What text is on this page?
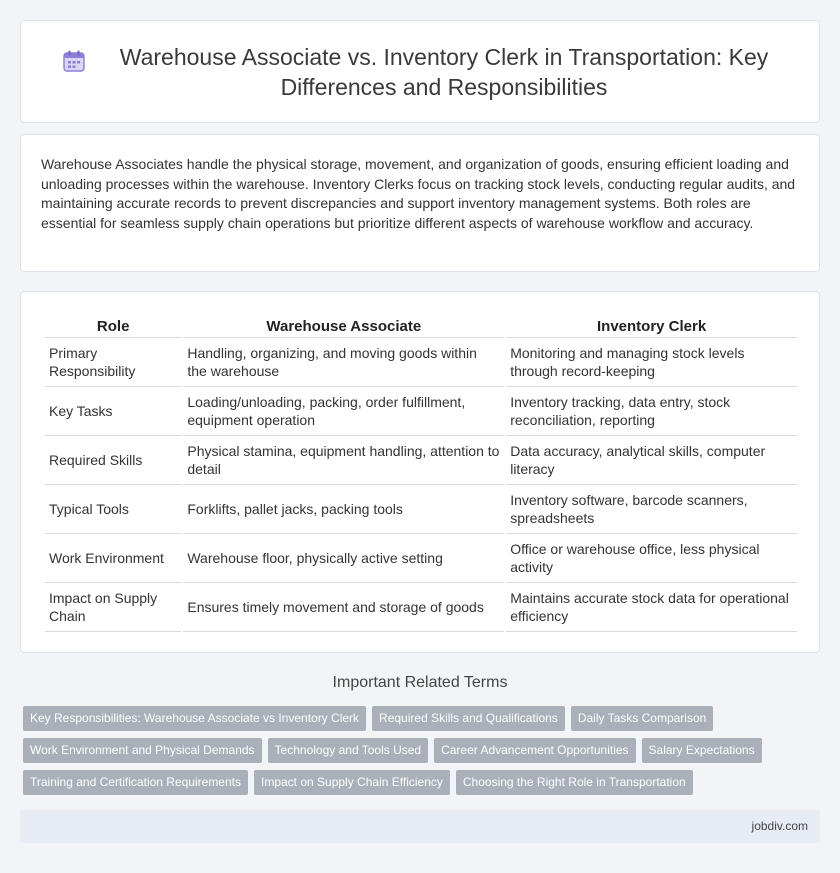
Warehouse Associate vs. Inventory Clerk in Transportation: Key Differences and Responsibilities

Warehouse Associates handle the physical storage, movement, and organization of goods, ensuring efficient loading and unloading processes within the warehouse. Inventory Clerks focus on tracking stock levels, conducting regular audits, and maintaining accurate records to prevent discrepancies and support inventory management systems. Both roles are essential for seamless supply chain operations but prioritize different aspects of warehouse workflow and accuracy.

Role	Warehouse Associate	Inventory Clerk
Primary Responsibility	Handling, organizing, and moving goods within the warehouse	Monitoring and managing stock levels through record-keeping
Key Tasks	Loading/unloading, packing, order fulfillment, equipment operation	Inventory tracking, data entry, stock reconciliation, reporting
Required Skills	Physical stamina, equipment handling, attention to detail	Data accuracy, analytical skills, computer literacy
Typical Tools	Forklifts, pallet jacks, packing tools	Inventory software, barcode scanners, spreadsheets
Work Environment	Warehouse floor, physically active setting	Office or warehouse office, less physical activity
Impact on Supply Chain	Ensures timely movement and storage of goods	Maintains accurate stock data for operational efficiency
Important Related Terms
Key Responsibilities: Warehouse Associate vs Inventory Clerk Required Skills and Qualifications Daily Tasks Comparison
Work Environment and Physical Demands Technology and Tools Used Career Advancement Opportunities Salary Expectations
Training and Certification Requirements Impact on Supply Chain Efficiency Choosing the Right Role in Transportation
jobdiv.com
